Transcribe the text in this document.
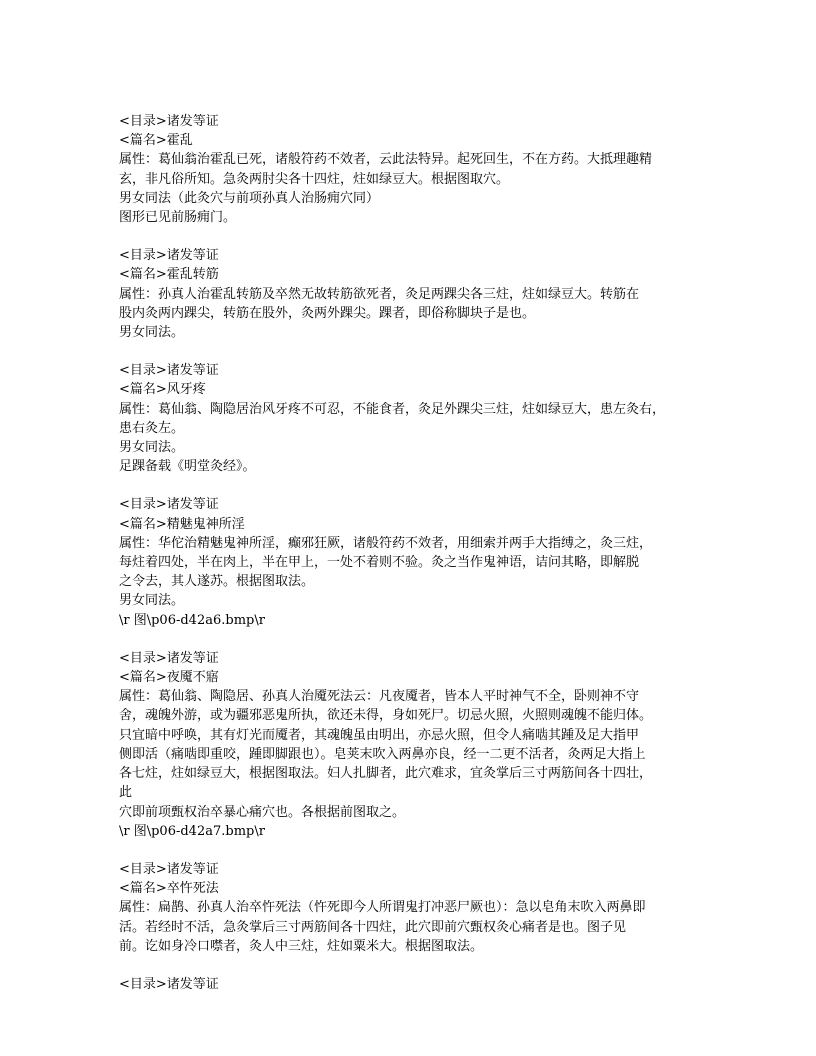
<目录>诸发等证
<篇名>霍乱
属性：葛仙翁治霍乱已死，诸般符药不效者，云此法特异。起死回生，不在方药。大抵理趣精
玄，非凡俗所知。急灸两肘尖各十四炷，炷如绿豆大。根据图取穴。
男女同法（此灸穴与前项孙真人治肠痈穴同）
图形已见前肠痈门。
<目录>诸发等证
<篇名>霍乱转筋
属性：孙真人治霍乱转筋及卒然无故转筋欲死者，灸足两踝尖各三炷，炷如绿豆大。转筋在
股内灸两内踝尖，转筋在股外，灸两外踝尖。踝者，即俗称脚块子是也。
男女同法。
<目录>诸发等证
<篇名>风牙疼
属性：葛仙翁、陶隐居治风牙疼不可忍，不能食者，灸足外踝尖三炷，炷如绿豆大，患左灸右，
患右灸左。
男女同法。
足踝备载《明堂灸经》。
<目录>诸发等证
<篇名>精魅鬼神所淫
属性：华佗治精魅鬼神所淫，癫邪狂厥，诸般符药不效者，用细索并两手大指缚之，灸三炷，
每炷着四处，半在肉上，半在甲上，一处不着则不验。灸之当作鬼神语，诘问其略，即解脱
之令去，其人遂苏。根据图取法。
男女同法。
\r 图\p06-d42a6.bmp\r
<目录>诸发等证
<篇名>夜魇不寤
属性：葛仙翁、陶隐居、孙真人治魇死法云：凡夜魇者，皆本人平时神气不全，卧则神不守
舍，魂魄外游，或为疆邪恶鬼所执，欲还未得，身如死尸。切忌火照，火照则魂魄不能归体。
只宜暗中呼唤，其有灯光而魇者，其魂魄虽由明出，亦忌火照，但令人痛啮其踵及足大指甲
侧即活（痛啮即重咬，踵即脚跟也）。皂荚末吹入两鼻亦良，经一二更不活者，灸两足大指上
各七炷，炷如绿豆大，根据图取法。妇人扎脚者，此穴难求，宜灸掌后三寸两筋间各十四壮，
此
穴即前项甄权治卒暴心痛穴也。各根据前图取之。
\r 图\p06-d42a7.bmp\r
<目录>诸发等证
<篇名>卒忤死法
属性：扁鹊、孙真人治卒忤死法（忤死即今人所谓鬼打冲恶尸厥也）：急以皂角末吹入两鼻即
活。若经时不活，急灸掌后三寸两筋间各十四炷，此穴即前穴甄权灸心痛者是也。图子见
前。讫如身冷口噤者，灸人中三炷，炷如粟米大。根据图取法。
<目录>诸发等证
